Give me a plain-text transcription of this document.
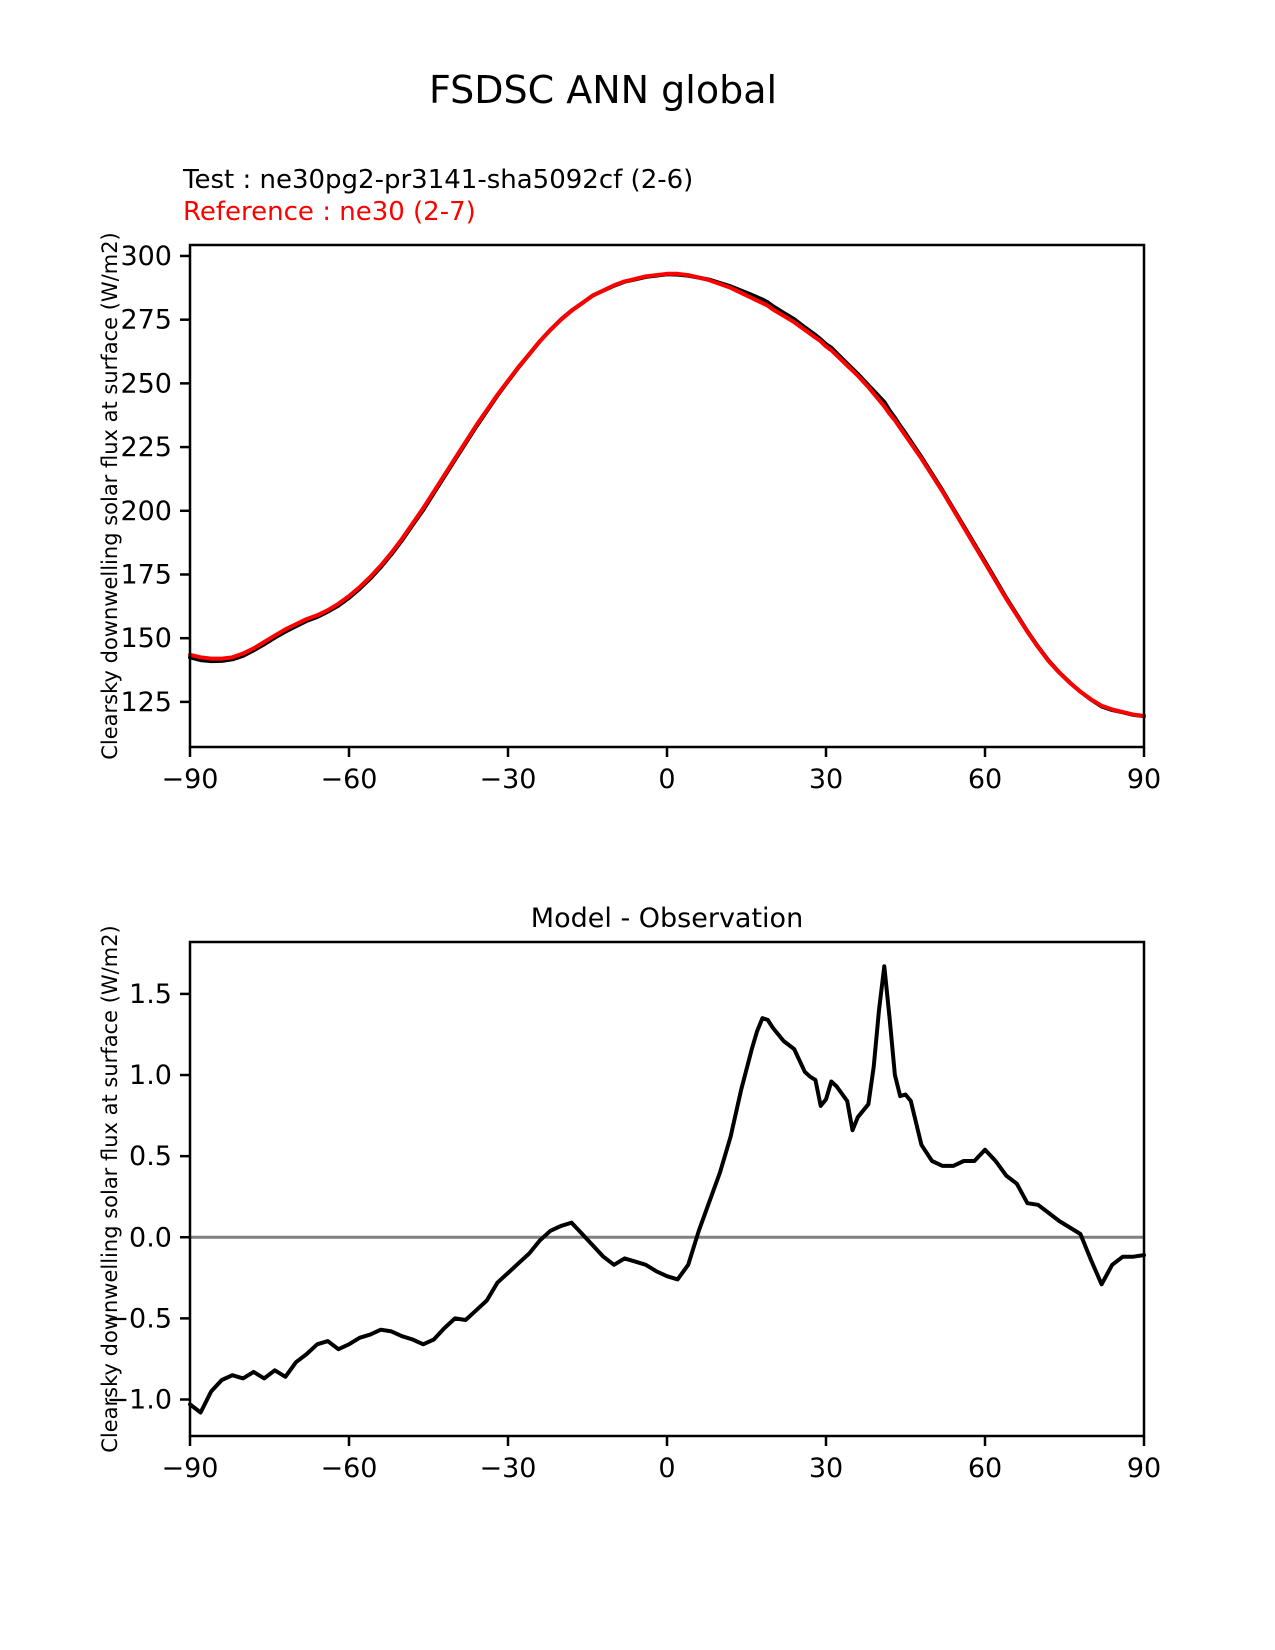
FSDSC ANN global
Test : ne30pg2-pr3141-sha5092cf (2-6)
Reference : ne30 (2-7)
Clearsky downwelling solar flux at surface (W/m2)
Model - Observation
Clearsky downwelling solar flux at surface (W/m2)
−90	−60	−30	0	30	60	90
125
150
175
200
225
250
275
300
−90	−60	−30	0	30	60	90
−1.0
−0.5
0.0
0.5
1.0
1.5
